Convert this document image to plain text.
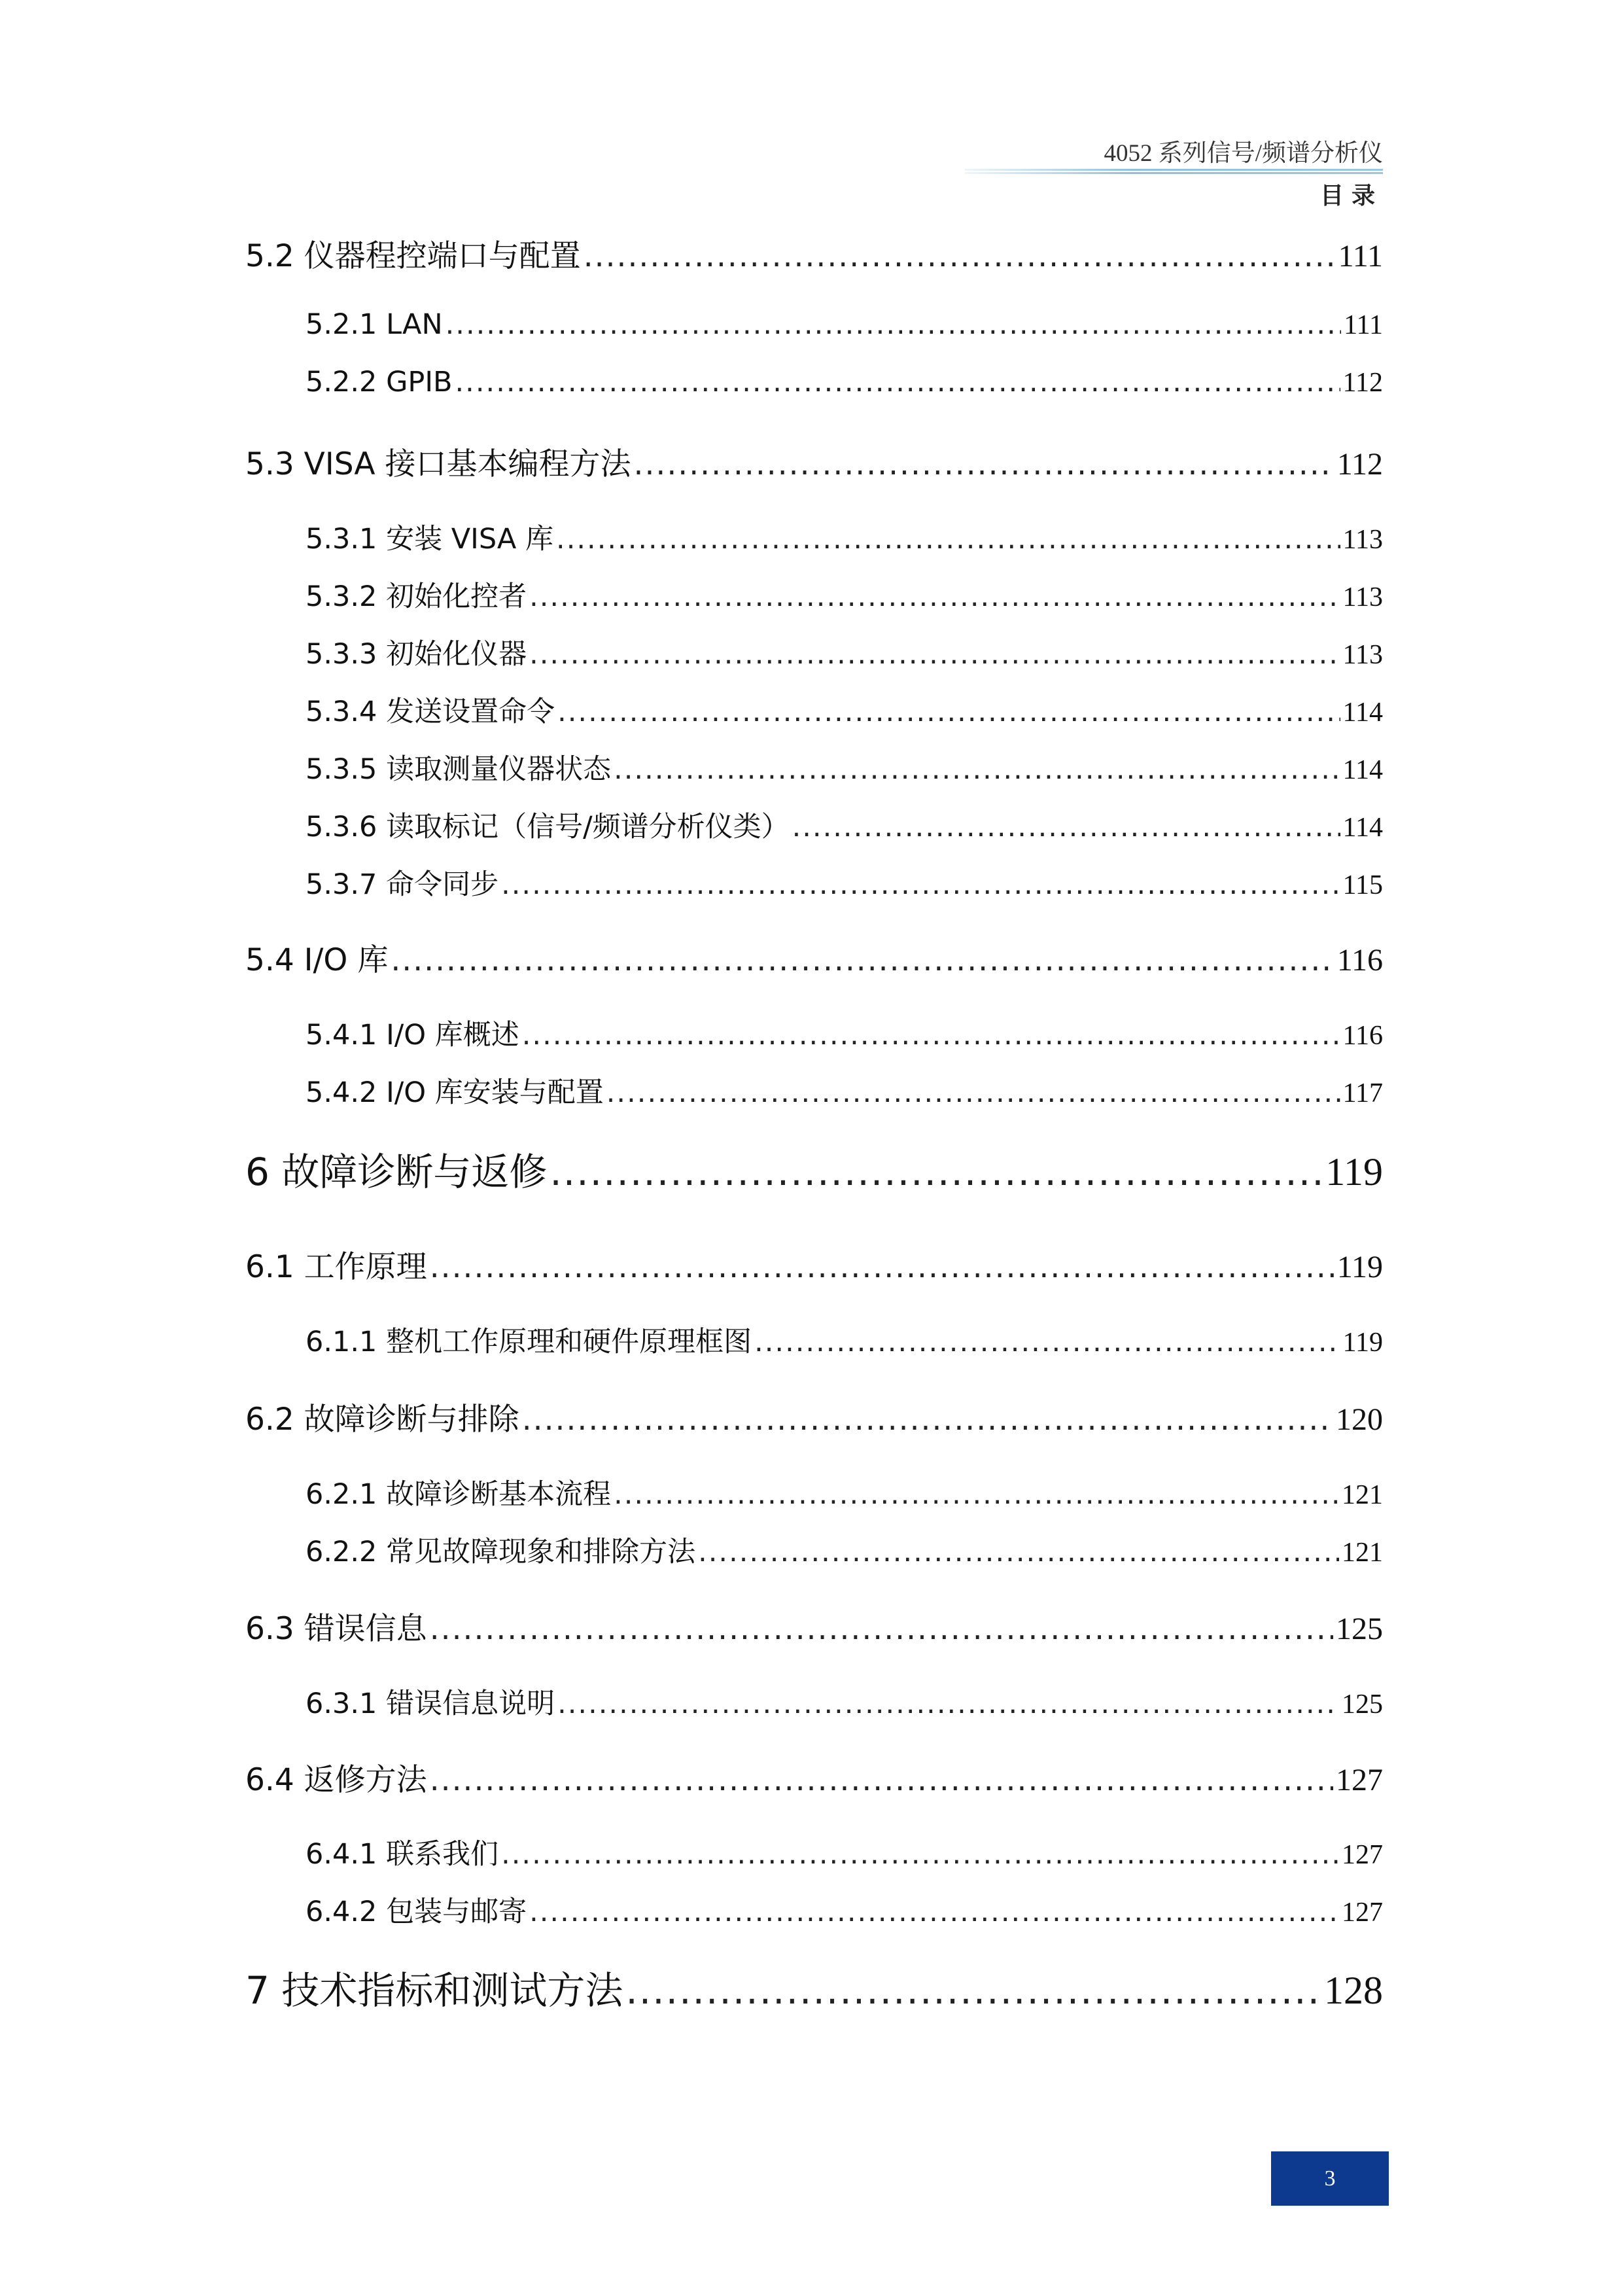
4052 系列信号/频谱分析仪
目录
5.2 仪器程控端口与配置 .....	111
5.2.1 LAN .....	111
5.2.2 GPIB .....	112
5.3 VISA 接口基本编程方法 .....	112
5.3.1 安装 VISA 库 .....	113
5.3.2 初始化控者 .....	113
5.3.3 初始化仪器 .....	113
5.3.4 发送设置命令 .....	114
5.3.5 读取测量仪器状态 .....	114
5.3.6 读取标记（信号/频谱分析仪类） .....	114
5.3.7 命令同步 .....	115
5.4 I/O 库 .....	116
5.4.1 I/O 库概述 .....	116
5.4.2 I/O 库安装与配置 .....	117
6 故障诊断与返修 .....	119
6.1 工作原理 .....	119
6.1.1 整机工作原理和硬件原理框图 .....	119
6.2 故障诊断与排除 .....	120
6.2.1 故障诊断基本流程 .....	121
6.2.2 常见故障现象和排除方法 .....	121
6.3 错误信息 .....	125
6.3.1 错误信息说明 .....	125
6.4 返修方法 .....	127
6.4.1 联系我们 .....	127
6.4.2 包装与邮寄 .....	127
7 技术指标和测试方法 .....	128
3
